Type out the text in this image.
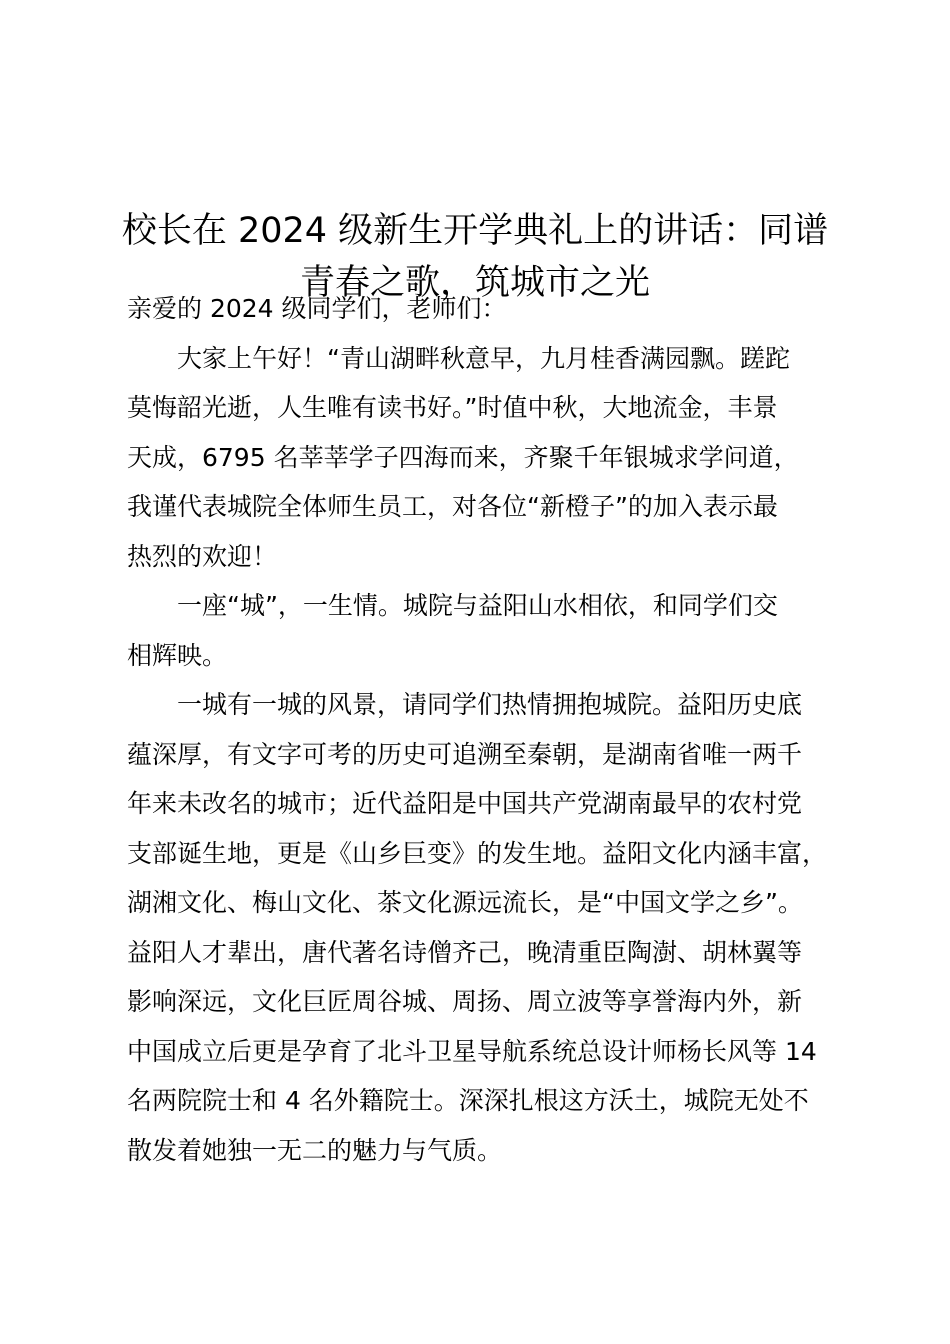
校长在 2024 级新生开学典礼上的讲话：同谱
青春之歌，筑城市之光

亲爱的 2024 级同学们，老师们：

大家上午好！“青山湖畔秋意早，九月桂香满园飘。蹉跎
莫悔韶光逝，人生唯有读书好。”时值中秋，大地流金，丰景
天成，6795 名莘莘学子四海而来，齐聚千年银城求学问道，
我谨代表城院全体师生员工，对各位“新橙子”的加入表示最
热烈的欢迎！

一座“城”，一生情。城院与益阳山水相依，和同学们交
相辉映。

一城有一城的风景，请同学们热情拥抱城院。益阳历史底
蕴深厚，有文字可考的历史可追溯至秦朝，是湖南省唯一两千
年来未改名的城市；近代益阳是中国共产党湖南最早的农村党
支部诞生地，更是《山乡巨变》的发生地。益阳文化内涵丰富，
湖湘文化、梅山文化、茶文化源远流长，是“中国文学之乡”。
益阳人才辈出，唐代著名诗僧齐己，晚清重臣陶澍、胡林翼等
影响深远，文化巨匠周谷城、周扬、周立波等享誉海内外，新
中国成立后更是孕育了北斗卫星导航系统总设计师杨长风等 14
名两院院士和 4 名外籍院士。深深扎根这方沃土，城院无处不
散发着她独一无二的魅力与气质。
